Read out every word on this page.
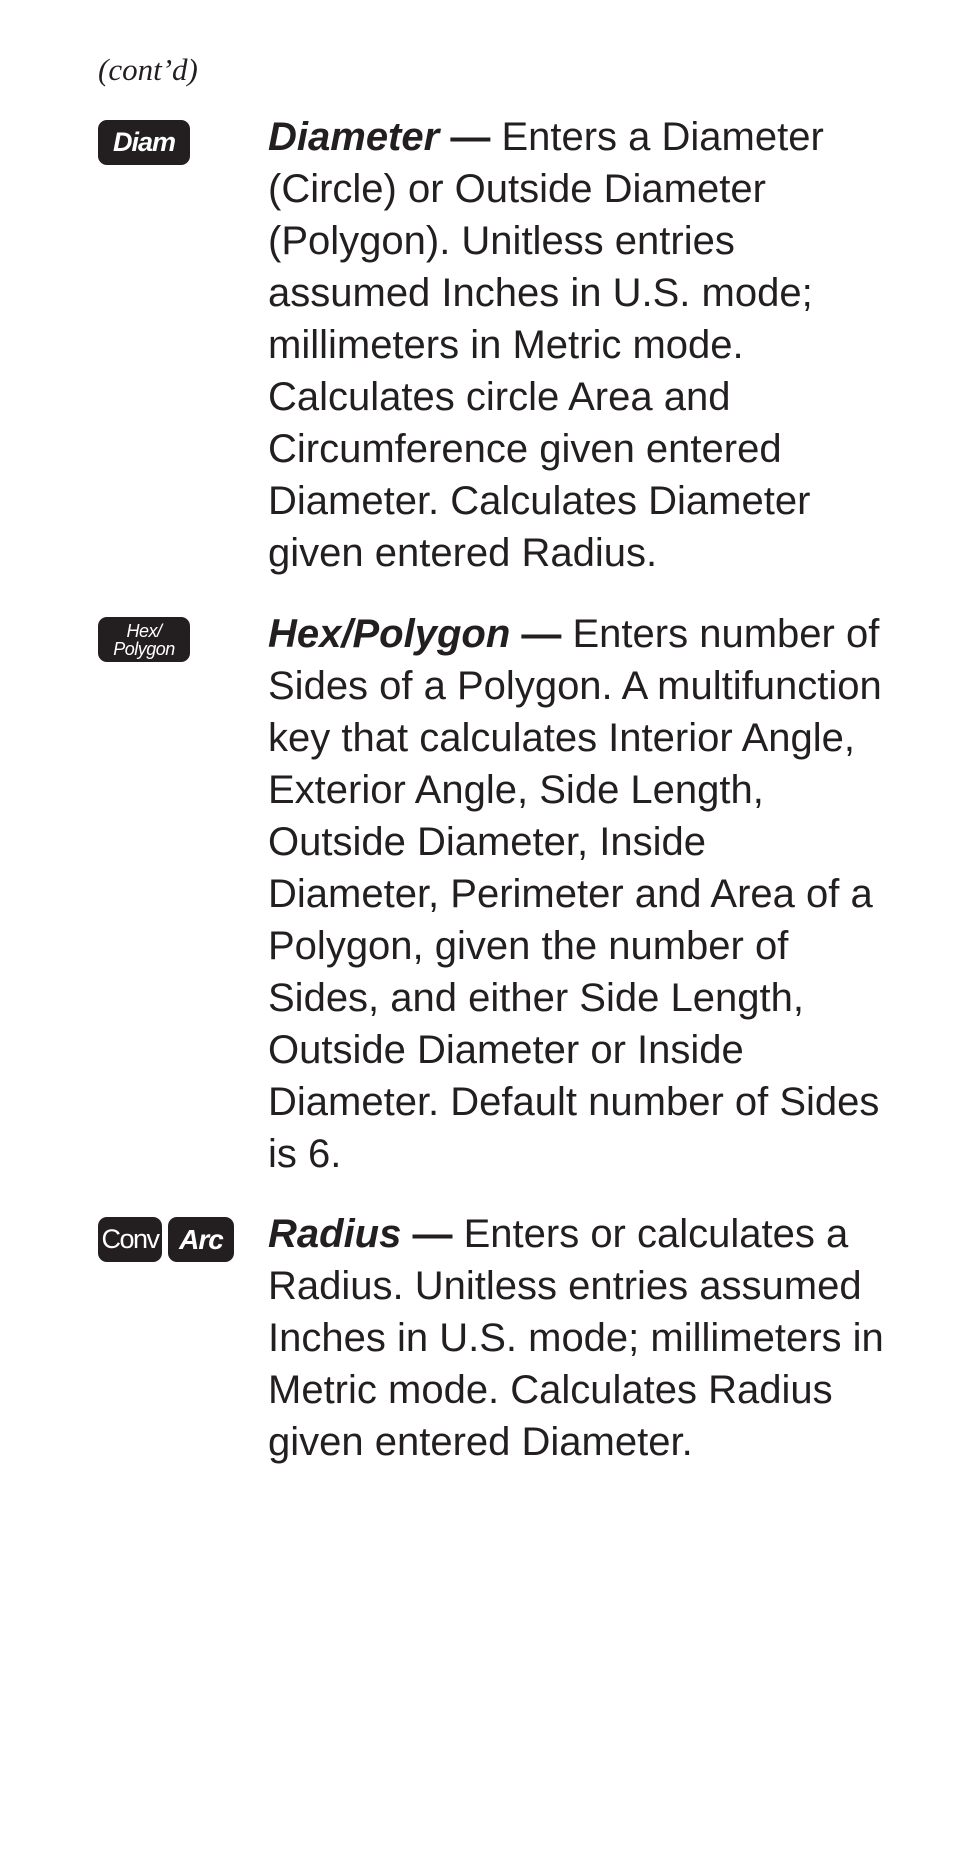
(cont’d)

Diam	Diameter — Enters a Diameter (Circle) or Outside Diameter (Polygon). Unitless entries assumed Inches in U.S. mode; millimeters in Metric mode. Calculates circle Area and Circumference given entered Diameter. Calculates Diameter given entered Radius.

Hex/
Polygon Hex/Polygon — Enters number of Sides of a Polygon. A multifunction key that calculates Interior Angle, Exterior Angle, Side Length, Outside Diameter, Inside Diameter, Perimeter and Area of a Polygon, given the number of Sides, and either Side Length, Outside Diameter or Inside Diameter. Default number of Sides is 6.

Conv Arc Radius — Enters or calculates a Radius. Unitless entries assumed Inches in U.S. mode; millimeters in Metric mode. Calculates Radius given entered Diameter.
